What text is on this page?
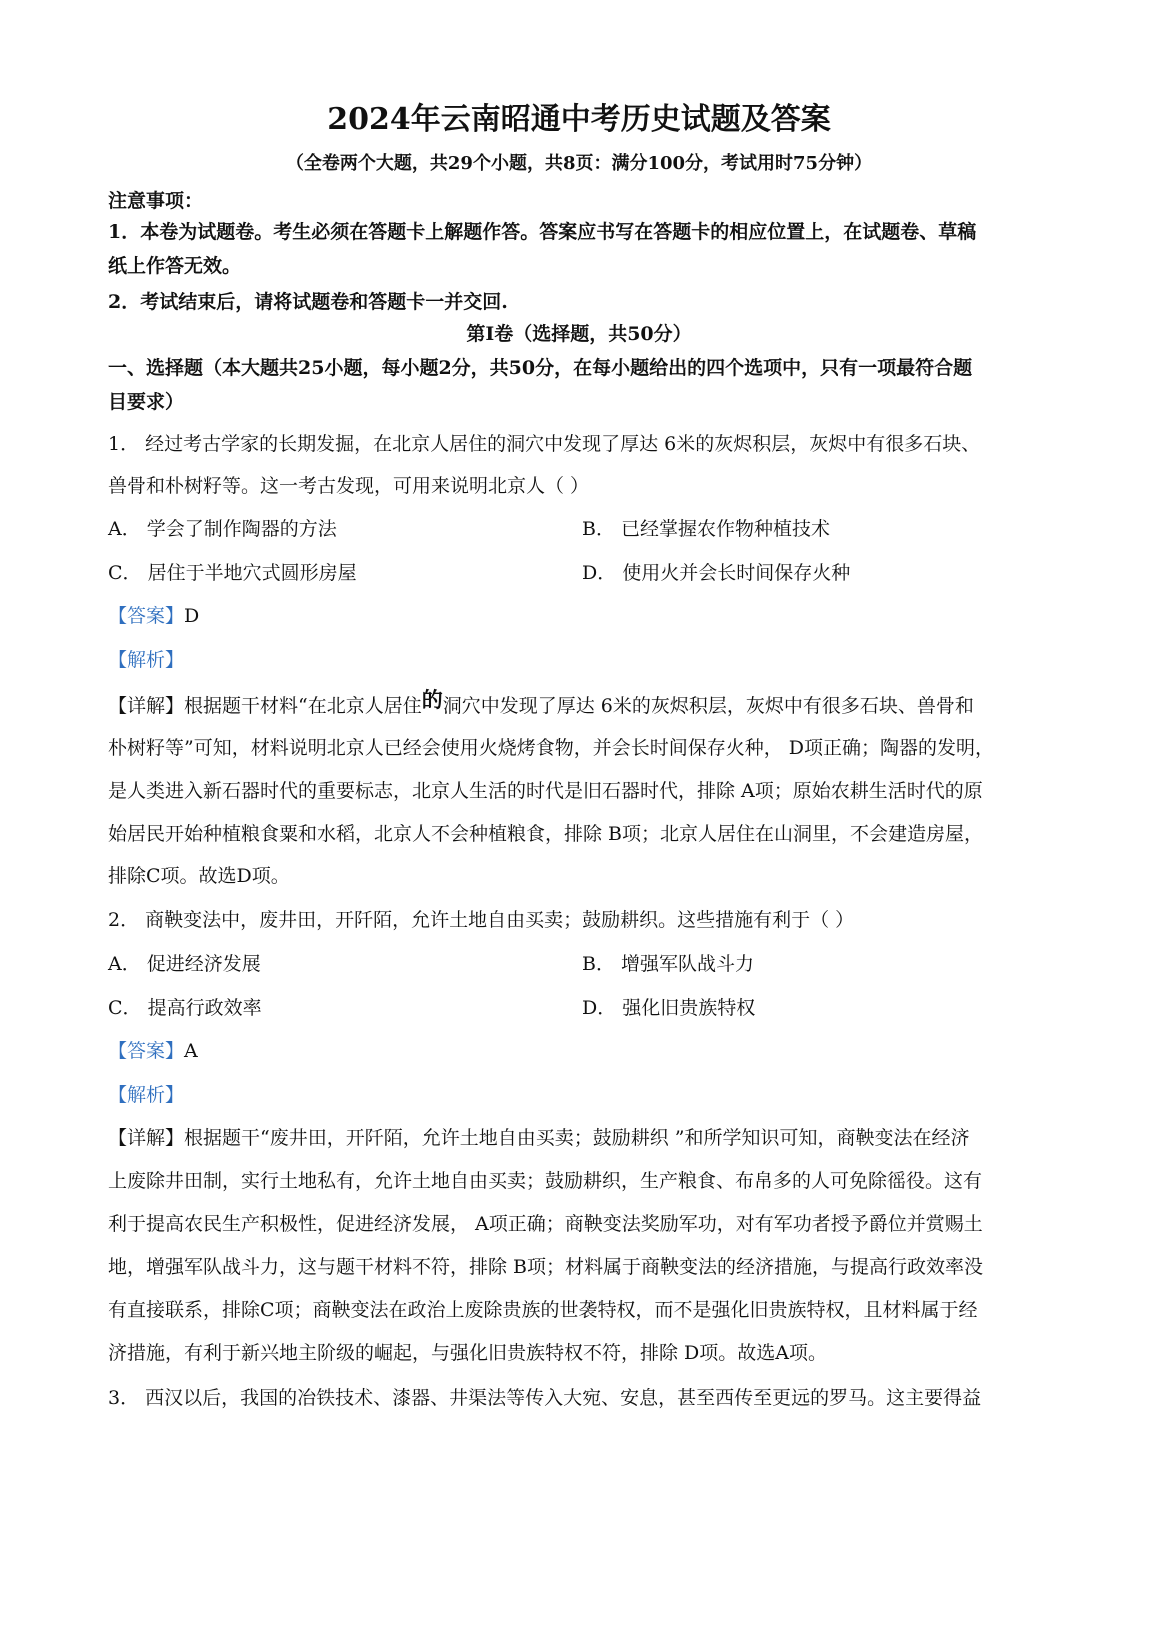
2024年云南昭通中考历史试题及答案
（全卷两个大题，共29个小题，共8页：满分100分，考试用时75分钟）
注意事项：
1．本卷为试题卷。考生必须在答题卡上解题作答。答案应书写在答题卡的相应位置上，在试题卷、草稿
纸上作答无效。
2．考试结束后，请将试题卷和答题卡一并交回.
第Ⅰ卷（选择题，共50分）
一、选择题（本大题共25小题，每小题2分，共50分，在每小题给出的四个选项中，只有一项最符合题
目要求）
1． 经过考古学家的长期发掘，在北京人居住的洞穴中发现了厚达 6米的灰烬积层，灰烬中有很多石块、
兽骨和朴树籽等。这一考古发现，可用来说明北京人（ ）
A． 学会了制作陶器的方法	B． 已经掌握农作物种植技术
C． 居住于半地穴式圆形房屋	D． 使用火并会长时间保存火种
【答案】D
【解析】
【详解】根据题干材料“在北京人居住的洞穴中发现了厚达 6米的灰烬积层，灰烬中有很多石块、兽骨和
朴树籽等”可知，材料说明北京人已经会使用火烧烤食物，并会长时间保存火种， D项正确；陶器的发明，
是人类进入新石器时代的重要标志，北京人生活的时代是旧石器时代，排除 A项；原始农耕生活时代的原
始居民开始种植粮食粟和水稻，北京人不会种植粮食，排除 B项；北京人居住在山洞里，不会建造房屋，
排除C项。故选D项。
2． 商鞅变法中，废井田，开阡陌，允许土地自由买卖；鼓励耕织。这些措施有利于（ ）
A． 促进经济发展	B． 增强军队战斗力
C． 提高行政效率	D． 强化旧贵族特权
【答案】A
【解析】
【详解】根据题干“废井田，开阡陌，允许土地自由买卖；鼓励耕织 ”和所学知识可知，商鞅变法在经济
上废除井田制，实行土地私有，允许土地自由买卖；鼓励耕织，生产粮食、布帛多的人可免除徭役。这有
利于提高农民生产积极性，促进经济发展， A项正确；商鞅变法奖励军功，对有军功者授予爵位并赏赐土
地，增强军队战斗力，这与题干材料不符，排除 B项；材料属于商鞅变法的经济措施，与提高行政效率没
有直接联系，排除C项；商鞅变法在政治上废除贵族的世袭特权，而不是强化旧贵族特权，且材料属于经
济措施，有利于新兴地主阶级的崛起，与强化旧贵族特权不符，排除 D项。故选A项。
3． 西汉以后，我国的冶铁技术、漆器、井渠法等传入大宛、安息，甚至西传至更远的罗马。这主要得益
